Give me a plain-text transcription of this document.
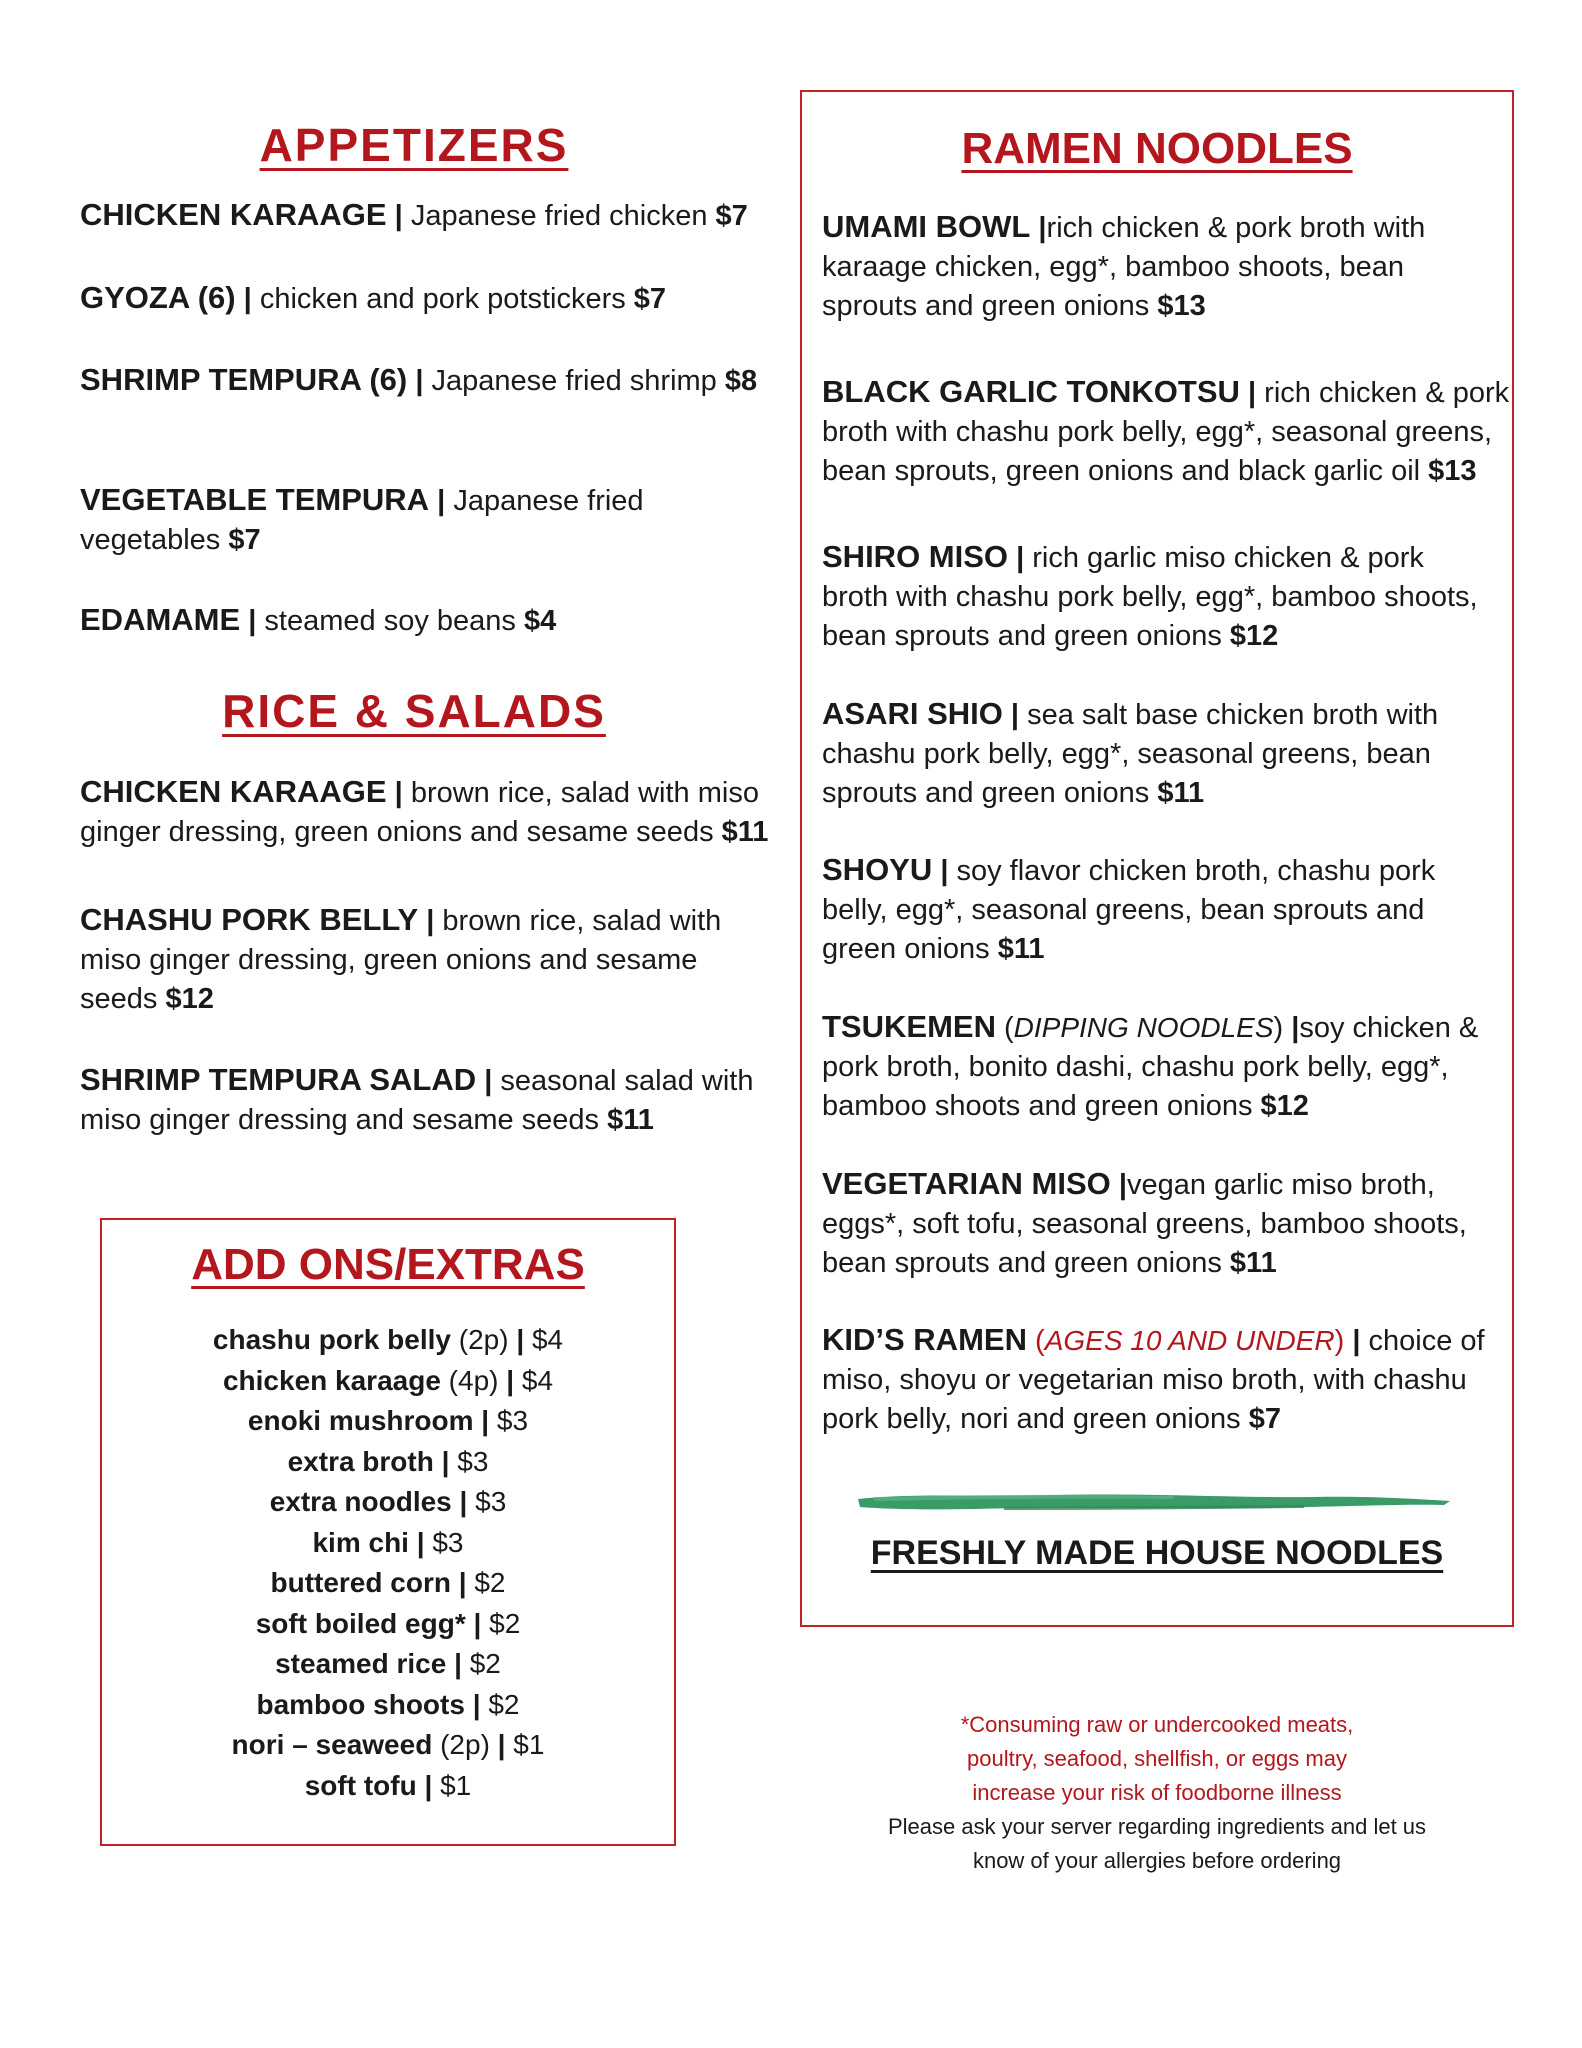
APPETIZERS
CHICKEN KARAAGE | Japanese fried chicken $7
GYOZA (6) | chicken and pork potstickers $7
SHRIMP TEMPURA (6) | Japanese fried shrimp $8
VEGETABLE TEMPURA | Japanese fried vegetables $7
EDAMAME | steamed soy beans $4
RICE & SALADS
CHICKEN KARAAGE | brown rice, salad with miso ginger dressing, green onions and sesame seeds $11
CHASHU PORK BELLY | brown rice, salad with miso ginger dressing, green onions and sesame seeds $12
SHRIMP TEMPURA SALAD | seasonal salad with miso ginger dressing and sesame seeds $11
ADD ONS/EXTRAS
chashu pork belly (2p) | $4
chicken karaage (4p) | $4
enoki mushroom | $3
extra broth | $3
extra noodles | $3
kim chi | $3
buttered corn | $2
soft boiled egg* | $2
steamed rice | $2
bamboo shoots | $2
nori – seaweed (2p) | $1
soft tofu | $1
RAMEN NOODLES
UMAMI BOWL |rich chicken & pork broth with karaage chicken, egg*, bamboo shoots, bean sprouts and green onions $13
BLACK GARLIC TONKOTSU | rich chicken & pork broth with chashu pork belly, egg*, seasonal greens, bean sprouts, green onions and black garlic oil $13
SHIRO MISO | rich garlic miso chicken & pork broth with chashu pork belly, egg*, bamboo shoots, bean sprouts and green onions $12
ASARI SHIO | sea salt base chicken broth with chashu pork belly, egg*, seasonal greens, bean sprouts and green onions $11
SHOYU | soy flavor chicken broth, chashu pork belly, egg*, seasonal greens, bean sprouts and green onions $11
TSUKEMEN (DIPPING NOODLES) |soy chicken & pork broth, bonito dashi, chashu pork belly, egg*, bamboo shoots and green onions $12
VEGETARIAN MISO |vegan garlic miso broth, eggs*, soft tofu, seasonal greens, bamboo shoots, bean sprouts and green onions $11
KID’S RAMEN (AGES 10 AND UNDER) | choice of miso, shoyu or vegetarian miso broth, with chashu pork belly, nori and green onions $7
FRESHLY MADE HOUSE NOODLES
*Consuming raw or undercooked meats,
poultry, seafood, shellfish, or eggs may
increase your risk of foodborne illness
Please ask your server regarding ingredients and let us
know of your allergies before ordering
